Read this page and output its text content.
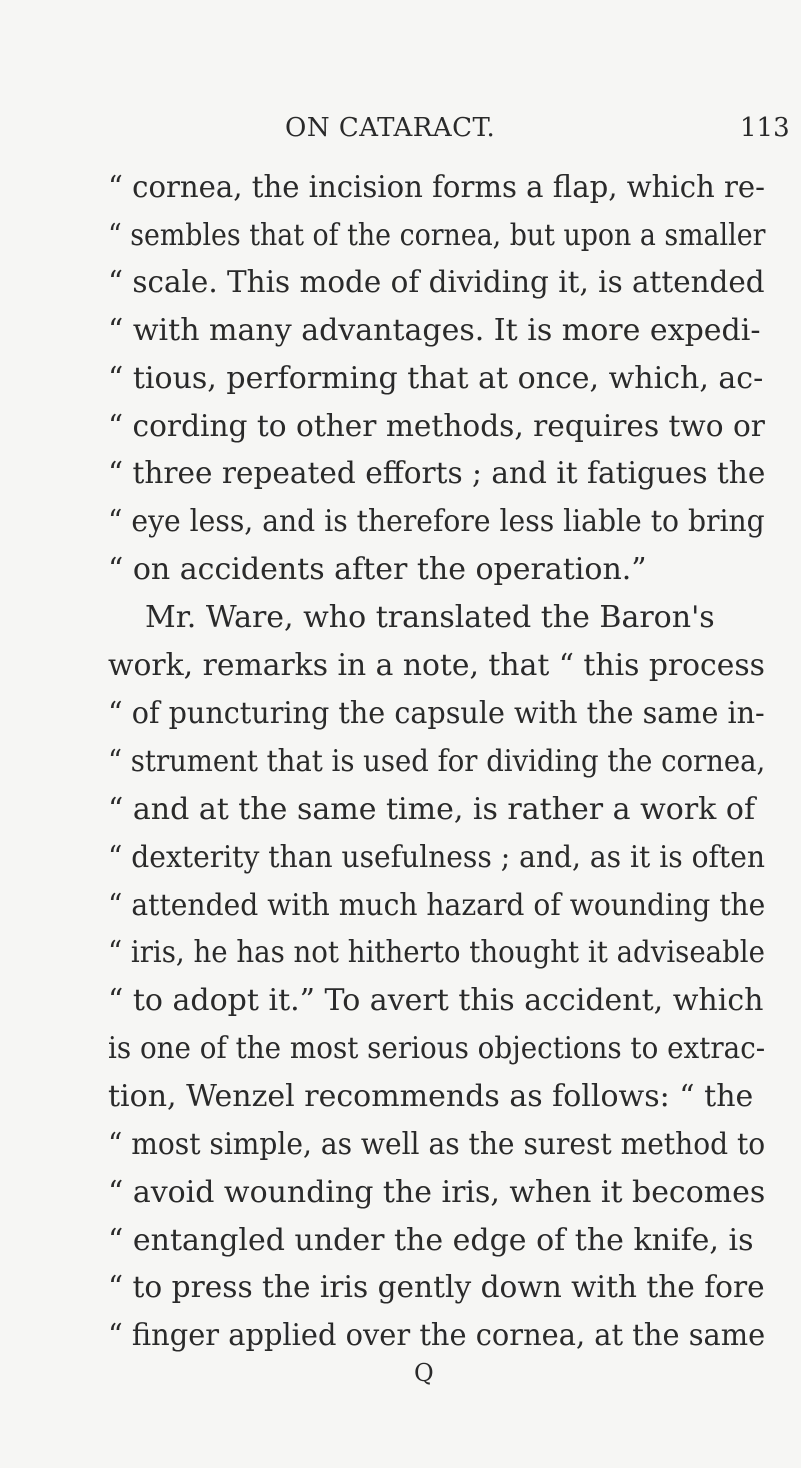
ON CATARACT.	113
“ cornea, the incision forms a flap, which re-
“ sembles that of the cornea, but upon a smaller
“ scale. This mode of dividing it, is attended
“ with many advantages. It is more expedi-
“ tious, performing that at once, which, ac-
“ cording to other methods, requires two or
“ three repeated efforts ; and it fatigues the
“ eye less, and is therefore less liable to bring
“ on accidents after the operation.”
Mr. Ware, who translated the Baron's
work, remarks in a note, that “ this process
“ of puncturing the capsule with the same in-
“ strument that is used for dividing the cornea,
“ and at the same time, is rather a work of
“ dexterity than usefulness ; and, as it is often
“ attended with much hazard of wounding the
“ iris, he has not hitherto thought it adviseable
“ to adopt it.” To avert this accident, which
is one of the most serious objections to extrac-
tion, Wenzel recommends as follows: “ the
“ most simple, as well as the surest method to
“ avoid wounding the iris, when it becomes
“ entangled under the edge of the knife, is
“ to press the iris gently down with the fore
“ finger applied over the cornea, at the same
Q
